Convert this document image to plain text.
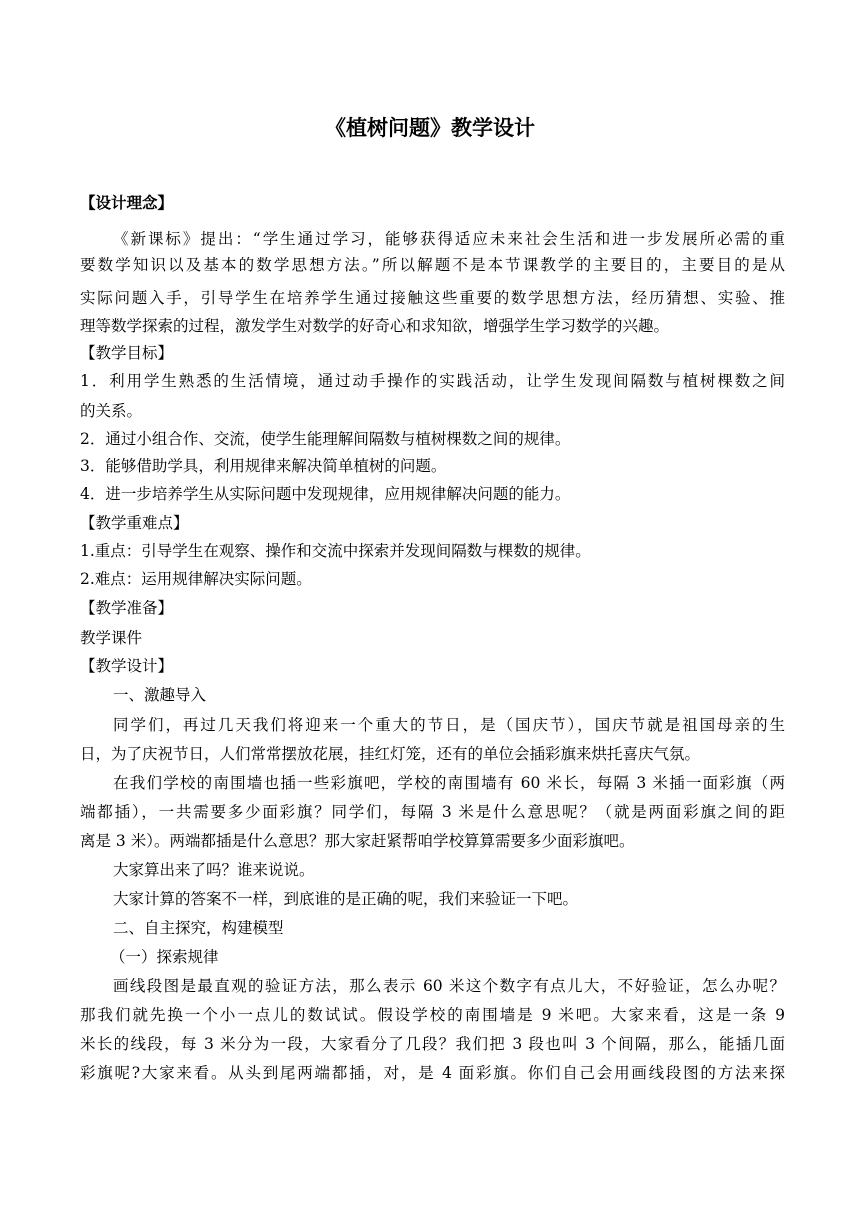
《植树问题》教学设计
【设计理念】
《新课标》提出：“学生通过学习，能够获得适应未来社会生活和进一步发展所必需的重
要数学知识以及基本的数学思想方法。”所以解题不是本节课教学的主要目的，主要目的是从
实际问题入手，引导学生在培养学生通过接触这些重要的数学思想方法，经历猜想、实验、推
理等数学探索的过程，激发学生对数学的好奇心和求知欲，增强学生学习数学的兴趣。
【教学目标】
1．利用学生熟悉的生活情境，通过动手操作的实践活动，让学生发现间隔数与植树棵数之间
的关系。
2．通过小组合作、交流，使学生能理解间隔数与植树棵数之间的规律。
3．能够借助学具，利用规律来解决简单植树的问题。
4．进一步培养学生从实际问题中发现规律，应用规律解决问题的能力。
【教学重难点】
1.重点：引导学生在观察、操作和交流中探索并发现间隔数与棵数的规律。
2.难点：运用规律解决实际问题。
【教学准备】
教学课件
【教学设计】
一、激趣导入
同学们，再过几天我们将迎来一个重大的节日，是（国庆节），国庆节就是祖国母亲的生
日，为了庆祝节日，人们常常摆放花展，挂红灯笼，还有的单位会插彩旗来烘托喜庆气氛。
在我们学校的南围墙也插一些彩旗吧，学校的南围墙有 60 米长，每隔 3 米插一面彩旗（两
端都插），一共需要多少面彩旗？同学们，每隔 3 米是什么意思呢？（就是两面彩旗之间的距
离是 3 米）。两端都插是什么意思？那大家赶紧帮咱学校算算需要多少面彩旗吧。
大家算出来了吗？谁来说说。
大家计算的答案不一样，到底谁的是正确的呢，我们来验证一下吧。
二、自主探究，构建模型
（一）探索规律
画线段图是最直观的验证方法，那么表示 60 米这个数字有点儿大，不好验证，怎么办呢？
那我们就先换一个小一点儿的数试试。假设学校的南围墙是 9 米吧。大家来看，这是一条 9
米长的线段，每 3 米分为一段，大家看分了几段？我们把 3 段也叫 3 个间隔，那么，能插几面
彩旗呢?大家来看。从头到尾两端都插，对，是 4 面彩旗。你们自己会用画线段图的方法来探
